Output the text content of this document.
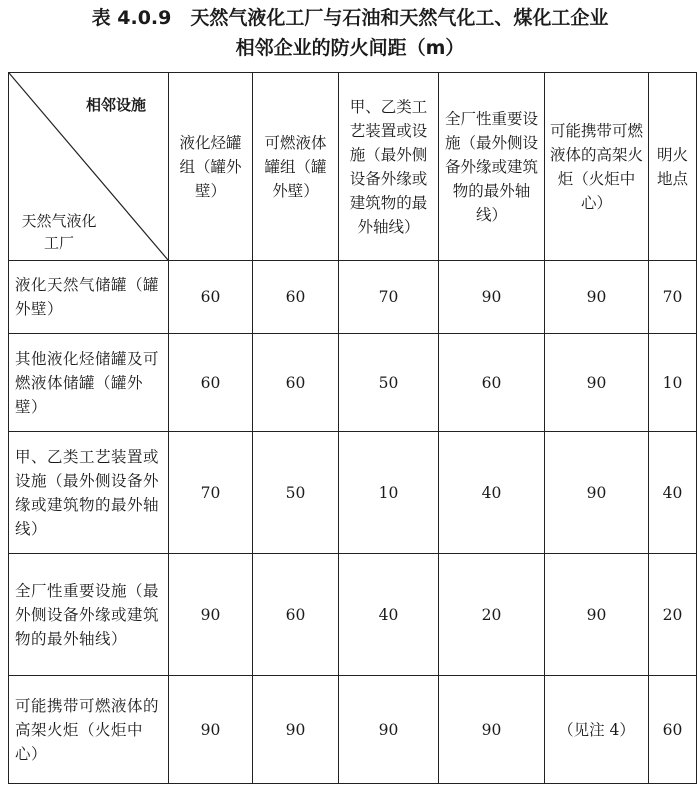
表 4.0.9　天然气液化工厂与石油和天然气化工、煤化工企业
相邻企业的防火间距（m）
相邻设施
天然气液化工厂	液化烃罐组（罐外壁）	可燃液体罐组（罐外壁）	甲、乙类工艺装置或设施（最外侧设备外缘或建筑物的最外轴线）	全厂性重要设施（最外侧设备外缘或建筑物的最外轴线）	可能携带可燃液体的高架火炬（火炬中心）	明火地点
液化天然气储罐（罐外壁）	60	60	70	90	90	70
其他液化烃储罐及可燃液体储罐（罐外壁）	60	60	50	60	90	10
甲、乙类工艺装置或设施（最外侧设备外缘或建筑物的最外轴线）	70	50	10	40	90	40
全厂性重要设施（最外侧设备外缘或建筑物的最外轴线）	90	60	40	20	90	20
可能携带可燃液体的高架火炬（火炬中心）	90	90	90	90	（见注 4）	60
